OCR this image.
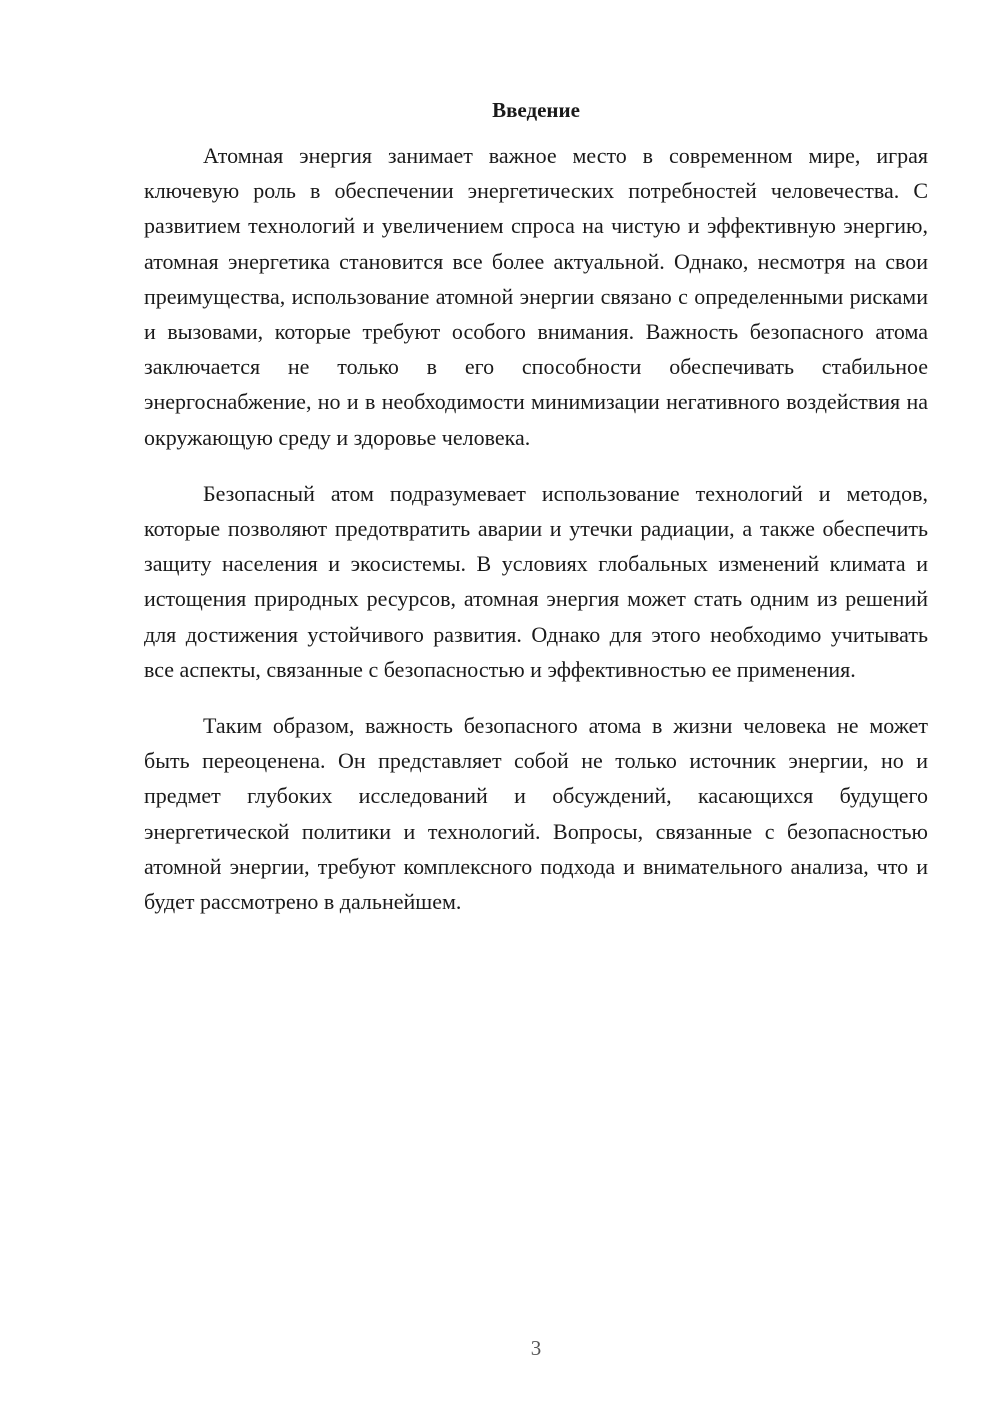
Введение

Атомная энергия занимает важное место в современном мире, играя ключевую роль в обеспечении энергетических потребностей человечества. С развитием технологий и увеличением спроса на чистую и эффективную энергию, атомная энергетика становится все более актуальной. Однако, несмотря на свои преимущества, использование атомной энергии связано с определенными рисками и вызовами, которые требуют особого внимания. Важность безопасного атома заключается не только в его способности обеспечивать стабильное энергоснабжение, но и в необходимости минимизации негативного воздействия на окружающую среду и здоровье человека.

Безопасный атом подразумевает использование технологий и методов, которые позволяют предотвратить аварии и утечки радиации, а также обеспечить защиту населения и экосистемы. В условиях глобальных изменений климата и истощения природных ресурсов, атомная энергия может стать одним из решений для достижения устойчивого развития. Однако для этого необходимо учитывать все аспекты, связанные с безопасностью и эффективностью ее применения.

Таким образом, важность безопасного атома в жизни человека не может быть переоценена. Он представляет собой не только источник энергии, но и предмет глубоких исследований и обсуждений, касающихся будущего энергетической политики и технологий. Вопросы, связанные с безопасностью атомной энергии, требуют комплексного подхода и внимательного анализа, что и будет рассмотрено в дальнейшем.

3
